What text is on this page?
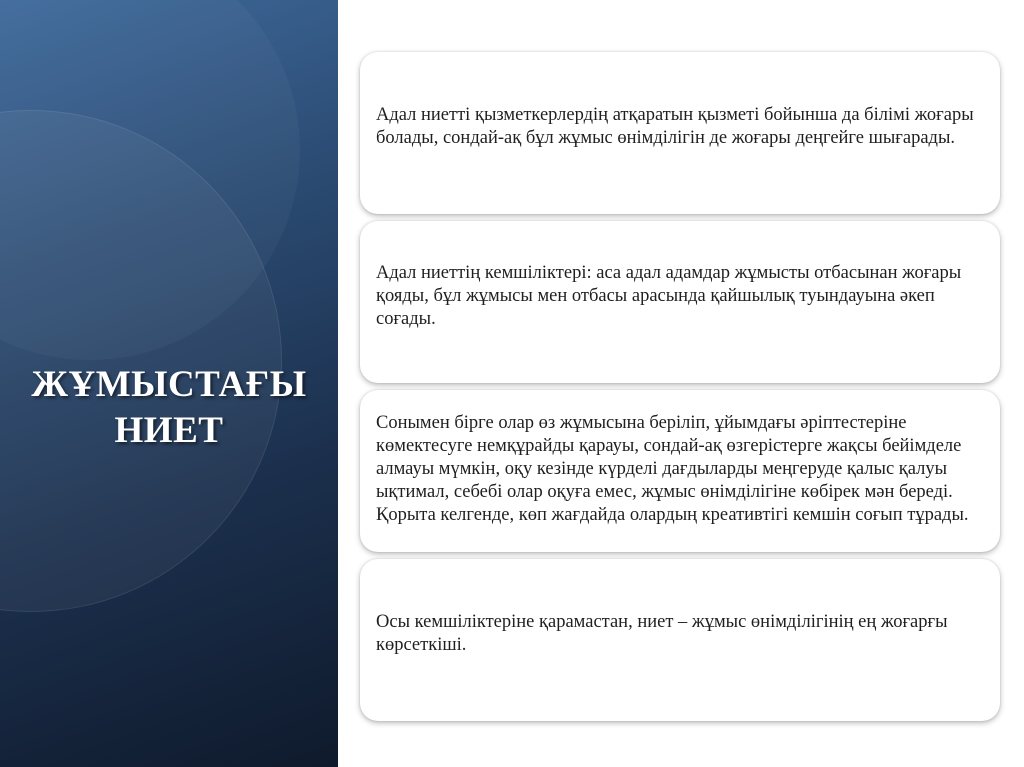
ЖҰМЫСТАҒЫ
НИЕТ

Адал ниетті қызметкерлердің атқаратын қызметі бойынша да білімі жоғары болады, сондай-ақ бұл жұмыс өнімділігін де жоғары деңгейге шығарады.

Адал ниеттің кемшіліктері: аса адал адамдар жұмысты отбасынан жоғары қояды, бұл жұмысы мен отбасы арасында қайшылық туындауына әкеп соғады.

Сонымен бірге олар өз жұмысына беріліп, ұйымдағы әріптестеріне көмектесуге немқұрайды қарауы, сондай-ақ өзгерістерге жақсы бейімделе алмауы мүмкін, оқу кезінде күрделі дағдыларды меңгеруде қалыс қалуы ықтимал, себебі олар оқуға емес, жұмыс өнімділігіне көбірек мән береді. Қорыта келгенде, көп жағдайда олардың креативтігі кемшін соғып тұрады.

Осы кемшіліктеріне қарамастан, ниет – жұмыс өнімділігінің ең жоғарғы көрсеткіші.
